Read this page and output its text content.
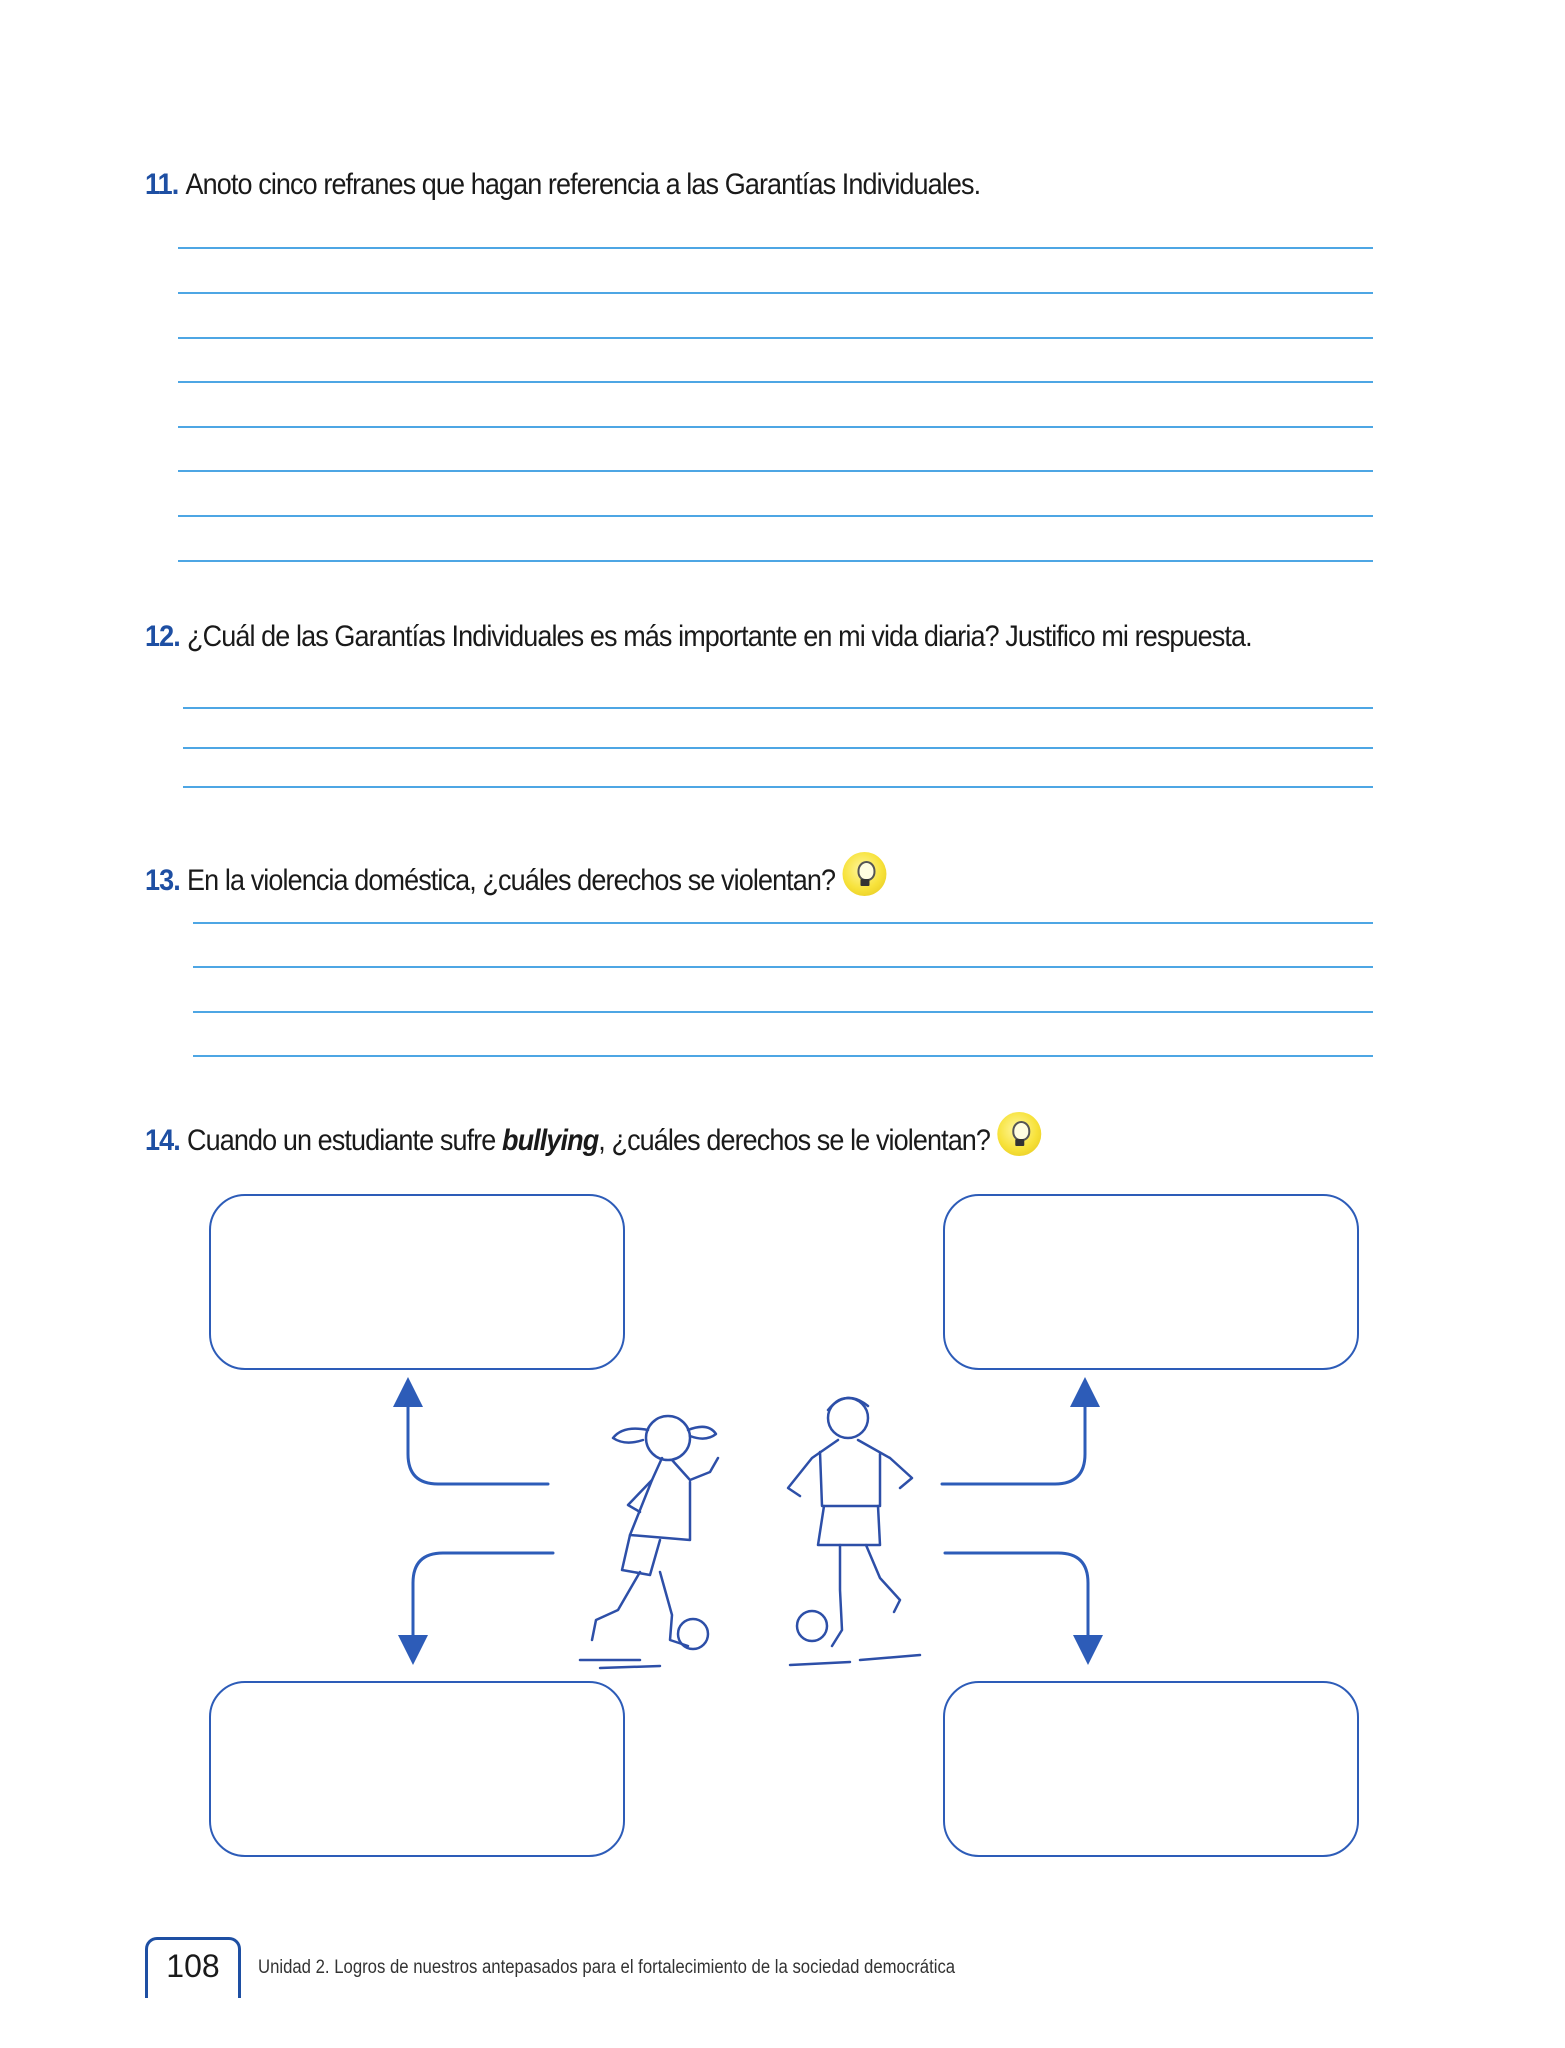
11. Anoto cinco refranes que hagan referencia a las Garantías Individuales.
12. ¿Cuál de las Garantías Individuales es más importante en mi vida diaria? Justifico mi respuesta.
13. En la violencia doméstica, ¿cuáles derechos se violentan?
14. Cuando un estudiante sufre bullying, ¿cuáles derechos se le violentan?
108	Unidad 2. Logros de nuestros antepasados para el fortalecimiento de la sociedad democrática
